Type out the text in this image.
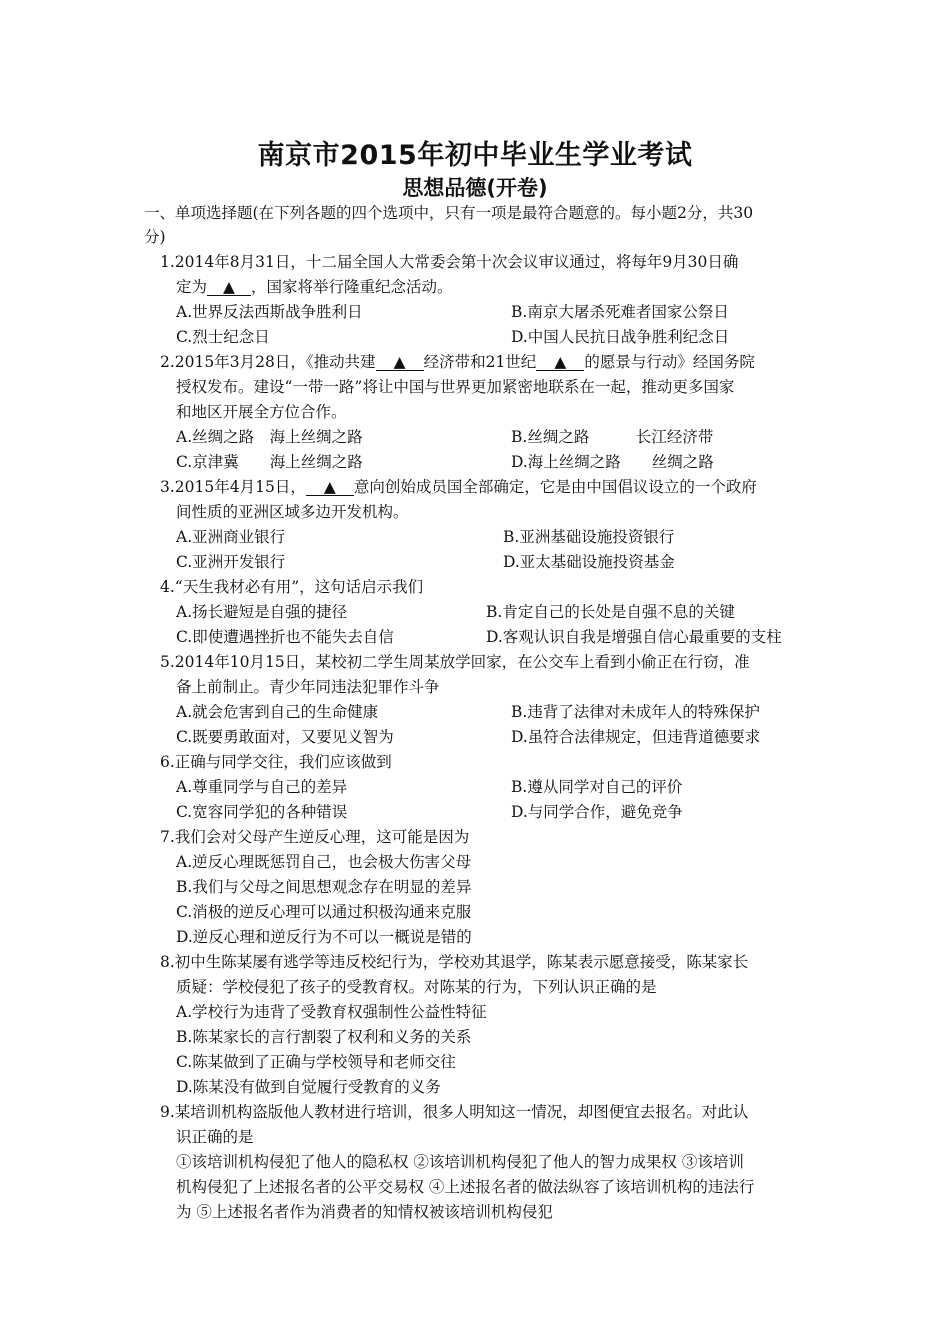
南京市2015年初中毕业生学业考试
思想品德(开卷)
一、单项选择题(在下列各题的四个选项中，只有一项是最符合题意的。每小题2分，共30
分)
1.2014年8月31日，十二届全国人大常委会第十次会议审议通过，将每年9月30日确
定为 ▲ ，国家将举行隆重纪念活动。
A.世界反法西斯战争胜利日	B.南京大屠杀死难者国家公祭日
C.烈士纪念日	D.中国人民抗日战争胜利纪念日
2.2015年3月28日，《推动共建 ▲ 经济带和21世纪 ▲ 的愿景与行动》经国务院
授权发布。建设“一带一路”将让中国与世界更加紧密地联系在一起，推动更多国家
和地区开展全方位合作。
A.丝绸之路　海上丝绸之路	B.丝绸之路　　　长江经济带
C.京津冀　　海上丝绸之路	D.海上丝绸之路　　丝绸之路
3.2015年4月15日， ▲ 意向创始成员国全部确定，它是由中国倡议设立的一个政府
间性质的亚洲区域多边开发机构。
A.亚洲商业银行	B.亚洲基础设施投资银行
C.亚洲开发银行	D.亚太基础设施投资基金
4.“天生我材必有用”，这句话启示我们
A.扬长避短是自强的捷径	B.肯定自己的长处是自强不息的关键
C.即使遭遇挫折也不能失去自信	D.客观认识自我是增强自信心最重要的支柱
5.2014年10月15日，某校初二学生周某放学回家，在公交车上看到小偷正在行窃，准
备上前制止。青少年同违法犯罪作斗争
A.就会危害到自己的生命健康	B.违背了法律对未成年人的特殊保护
C.既要勇敢面对，又要见义智为	D.虽符合法律规定，但违背道德要求
6.正确与同学交往，我们应该做到
A.尊重同学与自己的差异	B.遵从同学对自己的评价
C.宽容同学犯的各种错误	D.与同学合作，避免竞争
7.我们会对父母产生逆反心理，这可能是因为
A.逆反心理既惩罚自己，也会极大伤害父母
B.我们与父母之间思想观念存在明显的差异
C.消极的逆反心理可以通过积极沟通来克服
D.逆反心理和逆反行为不可以一概说是错的
8.初中生陈某屡有逃学等违反校纪行为，学校劝其退学，陈某表示愿意接受，陈某家长
质疑：学校侵犯了孩子的受教育权。对陈某的行为，下列认识正确的是
A.学校行为违背了受教育权强制性公益性特征
B.陈某家长的言行割裂了权利和义务的关系
C.陈某做到了正确与学校领导和老师交往
D.陈某没有做到自觉履行受教育的义务
9.某培训机构盗版他人教材进行培训，很多人明知这一情况，却图便宜去报名。对此认
识正确的是
①该培训机构侵犯了他人的隐私权 ②该培训机构侵犯了他人的智力成果权 ③该培训
机构侵犯了上述报名者的公平交易权 ④上述报名者的做法纵容了该培训机构的违法行
为 ⑤上述报名者作为消费者的知情权被该培训机构侵犯
